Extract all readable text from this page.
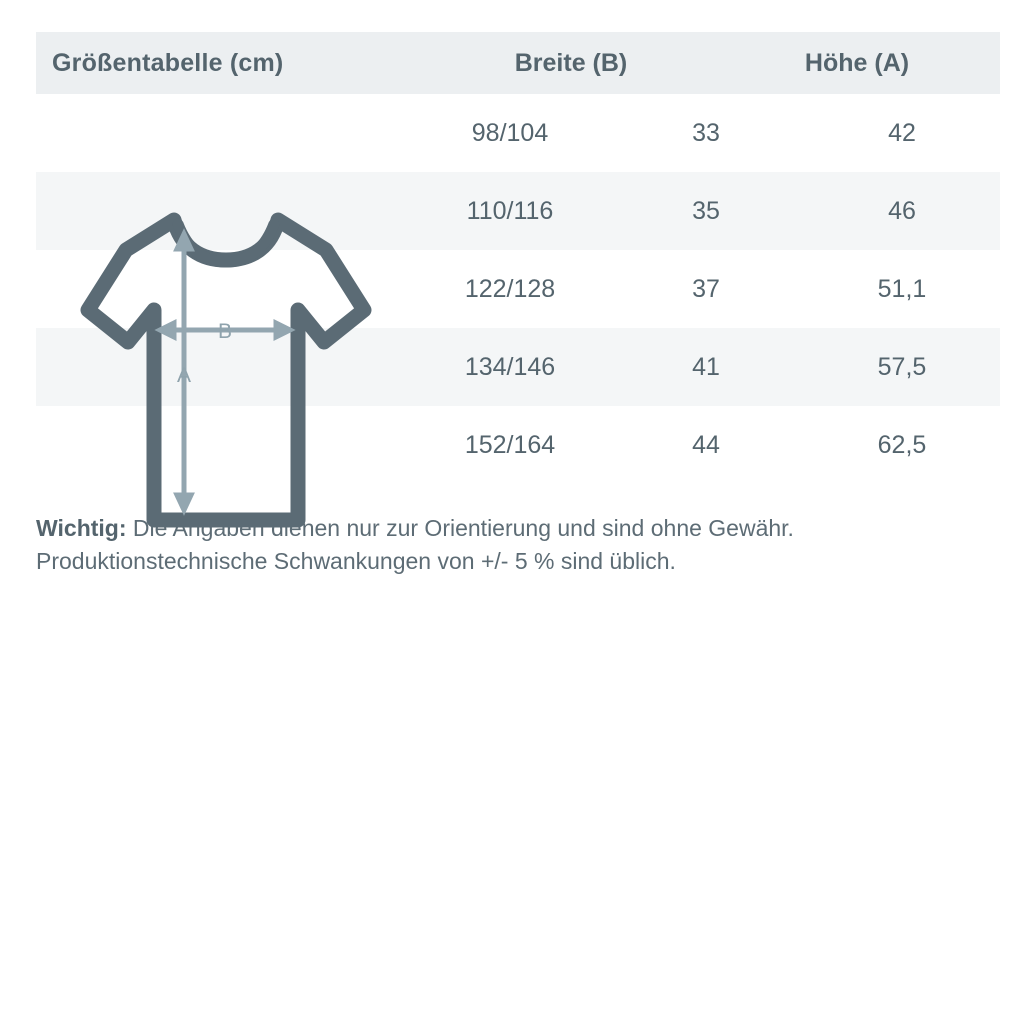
Größentabelle (cm)	Breite (B)	Höhe (A)
B
A
98/104	33	42
110/116	35	46
122/128	37	51,1
134/146	41	57,5
152/164	44	62,5
Wichtig: Die Angaben dienen nur zur Orientierung und sind ohne Gewähr.
Produktionstechnische Schwankungen von +/- 5 % sind üblich.
